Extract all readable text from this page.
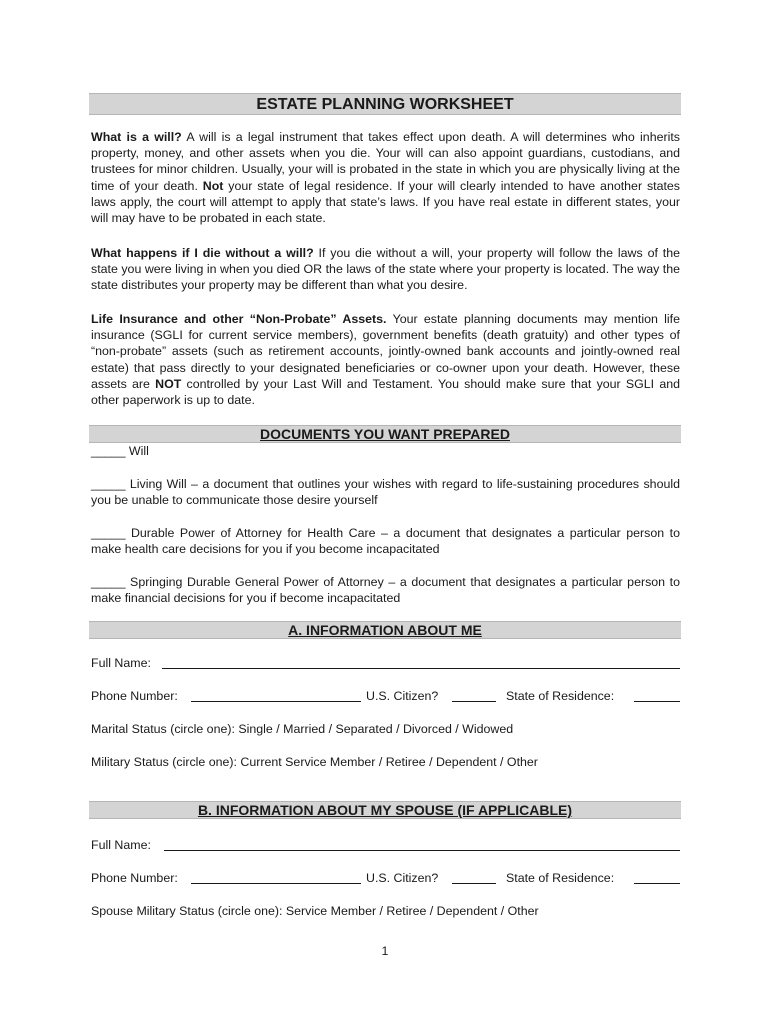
ESTATE PLANNING WORKSHEET

What is a will? A will is a legal instrument that takes effect upon death. A will determines who inherits property, money, and other assets when you die. Your will can also appoint guardians, custodians, and trustees for minor children. Usually, your will is probated in the state in which you are physically living at the time of your death. Not your state of legal residence. If your will clearly intended to have another states laws apply, the court will attempt to apply that state’s laws. If you have real estate in different states, your will may have to be probated in each state.

What happens if I die without a will? If you die without a will, your property will follow the laws of the state you were living in when you died OR the laws of the state where your property is located. The way the state distributes your property may be different than what you desire.

Life Insurance and other “Non-Probate” Assets. Your estate planning documents may mention life insurance (SGLI for current service members), government benefits (death gratuity) and other types of “non-probate” assets (such as retirement accounts, jointly-owned bank accounts and jointly-owned real estate) that pass directly to your designated beneficiaries or co-owner upon your death. However, these assets are NOT controlled by your Last Will and Testament. You should make sure that your SGLI and other paperwork is up to date.

DOCUMENTS YOU WANT PREPARED

_____ Will

_____ Living Will – a document that outlines your wishes with regard to life-sustaining procedures should you be unable to communicate those desire yourself

_____ Durable Power of Attorney for Health Care – a document that designates a particular person to make health care decisions for you if you become incapacitated

_____ Springing Durable General Power of Attorney – a document that designates a particular person to make financial decisions for you if become incapacitated

A. INFORMATION ABOUT ME
Full Name:
Phone Number:	U.S. Citizen?	State of Residence:
Marital Status (circle one): Single / Married / Separated / Divorced / Widowed
Military Status (circle one): Current Service Member / Retiree / Dependent / Other
B. INFORMATION ABOUT MY SPOUSE (IF APPLICABLE)
Full Name:
Phone Number:	U.S. Citizen?	State of Residence:
Spouse Military Status (circle one): Service Member / Retiree / Dependent / Other
1
